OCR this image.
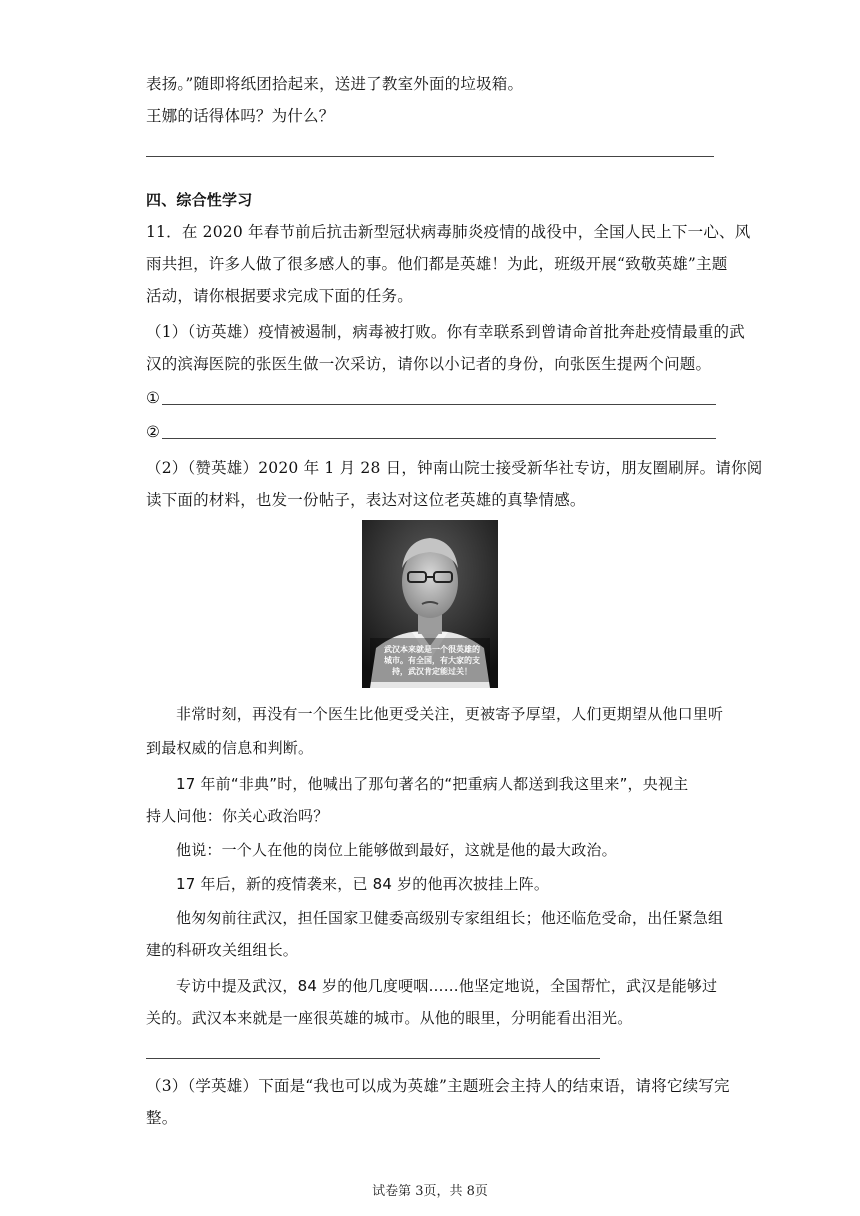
表扬。”随即将纸团拾起来，送进了教室外面的垃圾箱。
王娜的话得体吗？为什么？
四、综合性学习
11．在 2020 年春节前后抗击新型冠状病毒肺炎疫情的战役中，全国人民上下一心、风
雨共担，许多人做了很多感人的事。他们都是英雄！为此，班级开展“致敬英雄”主题
活动，请你根据要求完成下面的任务。
（1）（访英雄）疫情被遏制，病毒被打败。你有幸联系到曾请命首批奔赴疫情最重的武
汉的滨海医院的张医生做一次采访，请你以小记者的身份，向张医生提两个问题。
①
②
（2）（赞英雄）2020 年 1 月 28 日，钟南山院士接受新华社专访，朋友圈刷屏。请你阅
读下面的材料，也发一份帖子，表达对这位老英雄的真挚情感。
武汉本来就是一个很英雄的城市。有全国，有大家的支持，武汉肯定能过关！
非常时刻，再没有一个医生比他更受关注，更被寄予厚望，人们更期望从他口里听
到最权威的信息和判断。
17 年前“非典”时，他喊出了那句著名的“把重病人都送到我这里来”，央视主
持人问他：你关心政治吗？
他说：一个人在他的岗位上能够做到最好，这就是他的最大政治。
17 年后，新的疫情袭来，已 84 岁的他再次披挂上阵。
他匆匆前往武汉，担任国家卫健委高级别专家组组长；他还临危受命，出任紧急组
建的科研攻关组组长。
专访中提及武汉，84 岁的他几度哽咽……他坚定地说，全国帮忙，武汉是能够过
关的。武汉本来就是一座很英雄的城市。从他的眼里，分明能看出泪光。
（3）（学英雄）下面是“我也可以成为英雄”主题班会主持人的结束语，请将它续写完
整。
试卷第 3页，共 8页
